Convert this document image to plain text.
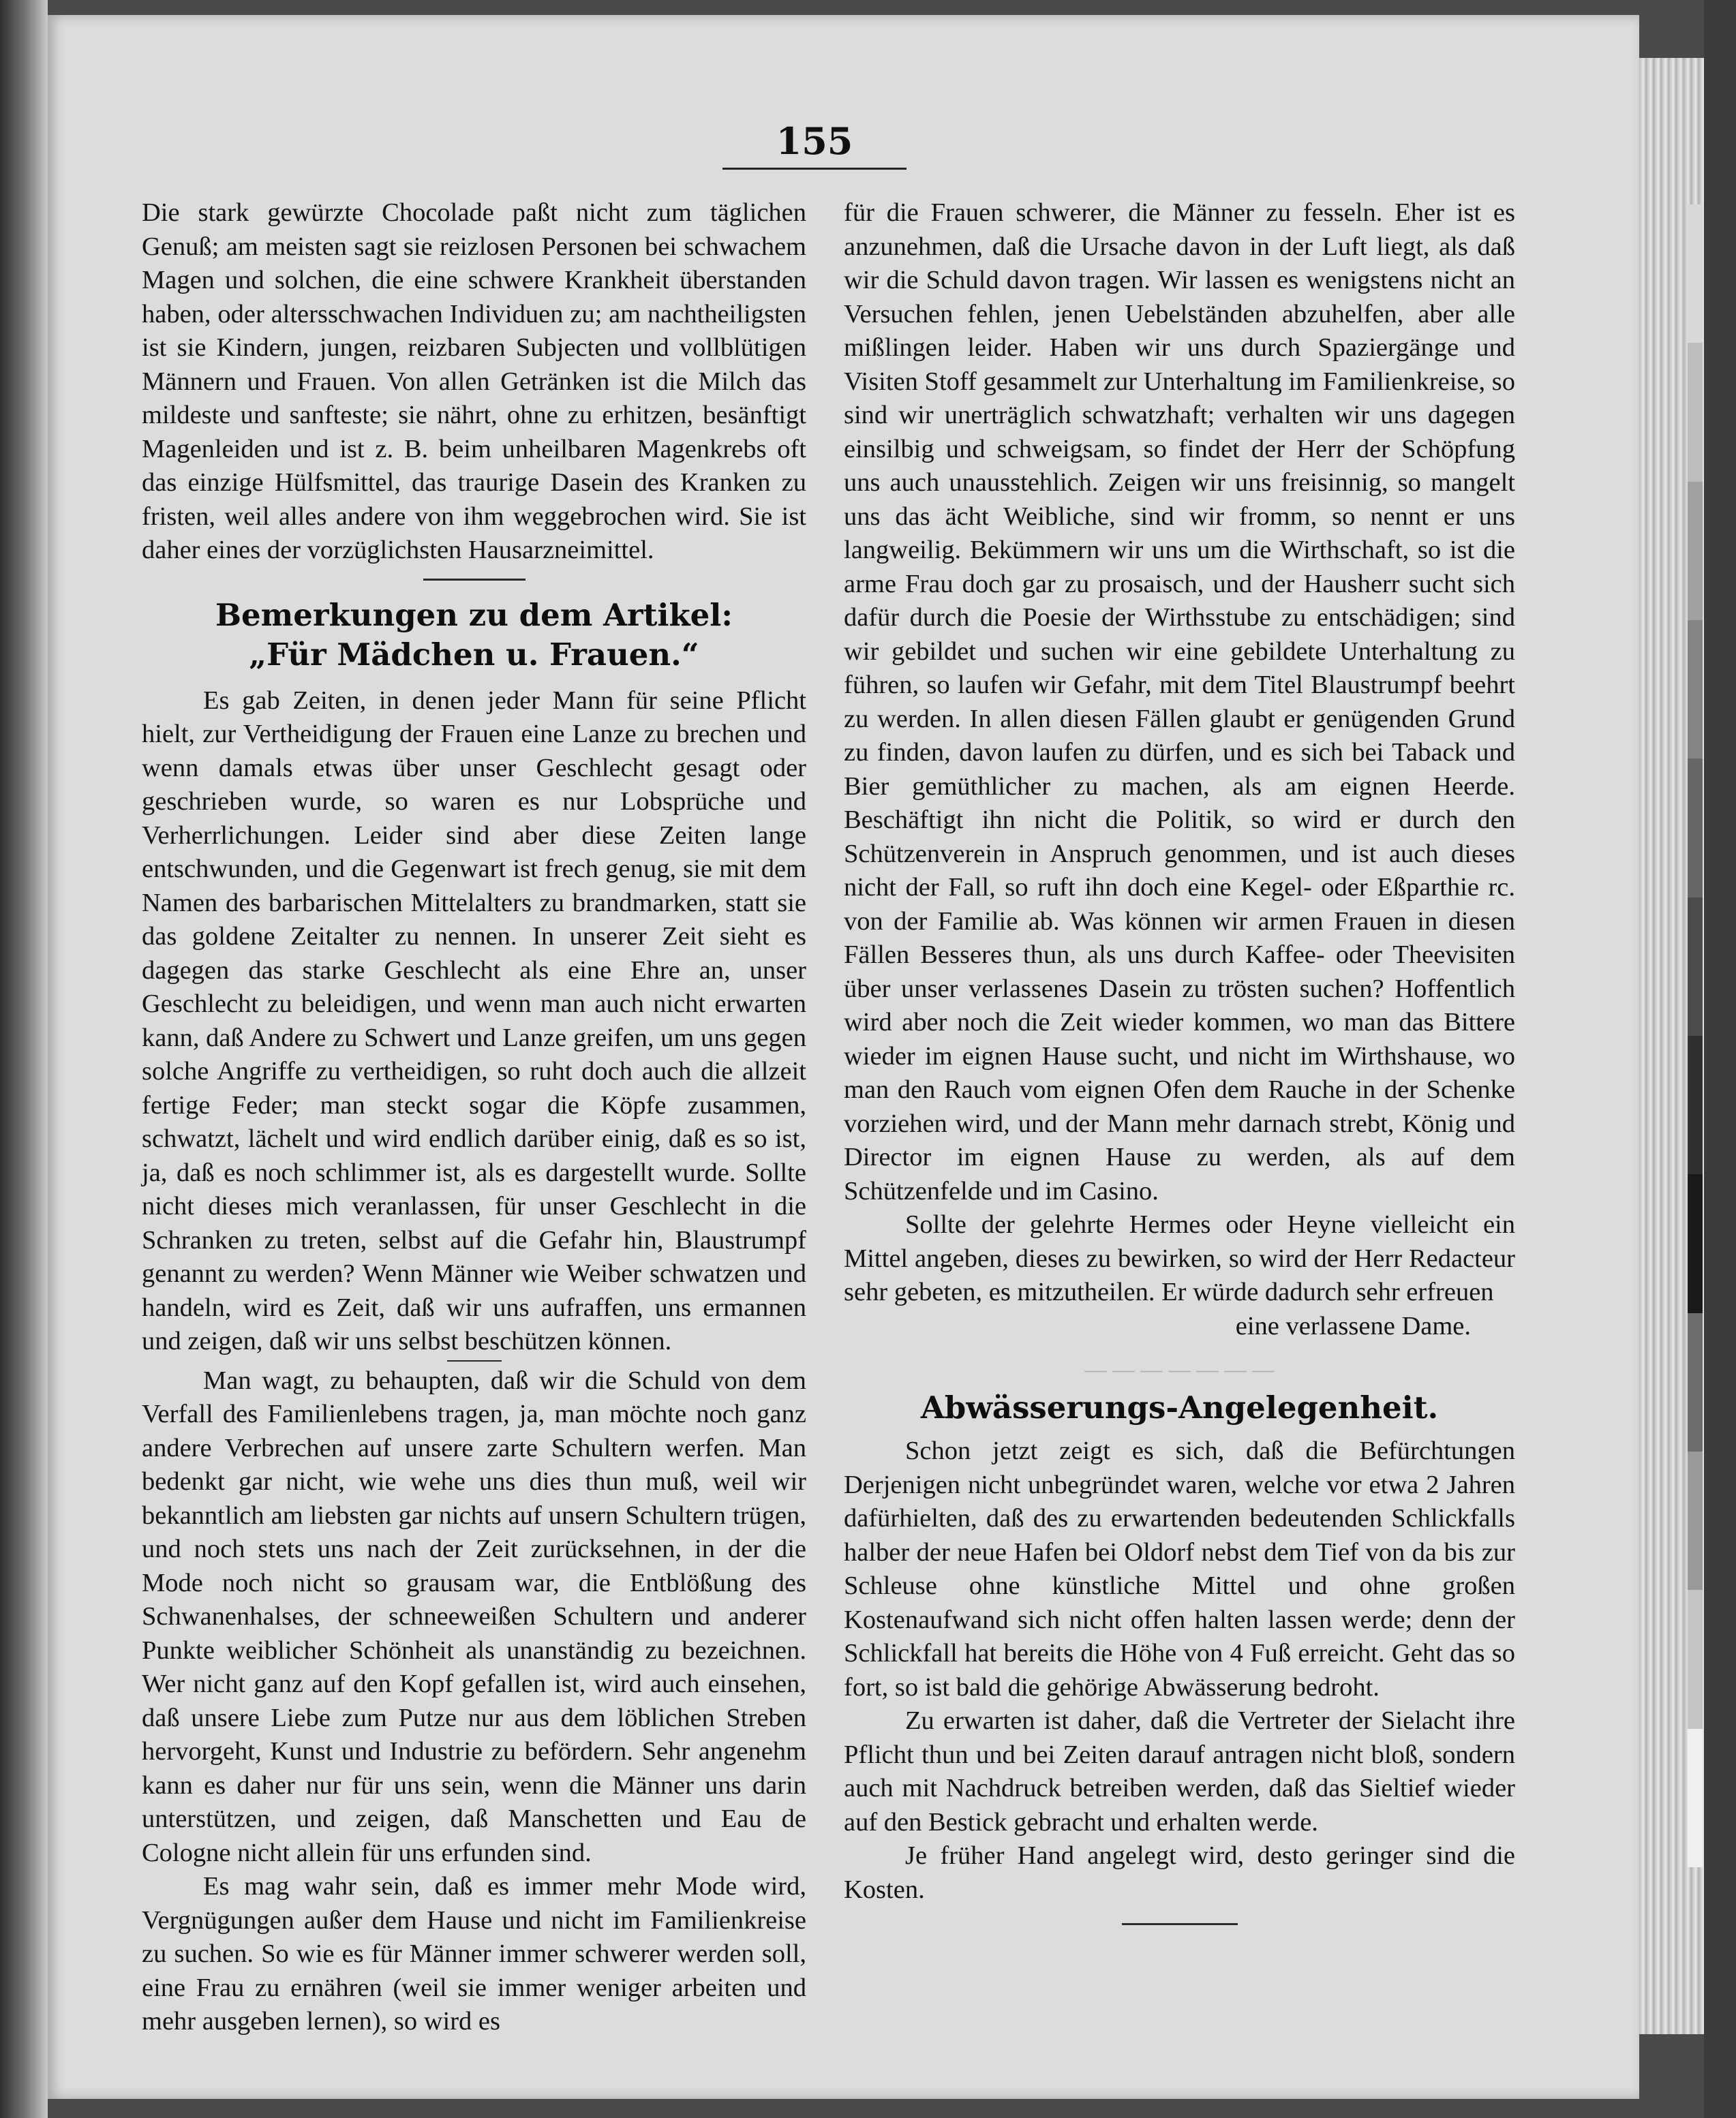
155

Die stark gewürzte Chocolade paßt nicht zum täglichen Genuß; am meisten sagt sie reizlosen Personen bei schwachem Magen und solchen, die eine schwere Krankheit überstanden haben, oder altersschwachen Individuen zu; am nachtheiligsten ist sie Kindern, jungen, reizbaren Subjecten und vollblütigen Männern und Frauen. Von allen Getränken ist die Milch das mildeste und sanfteste; sie nährt, ohne zu erhitzen, besänftigt Magenleiden und ist z. B. beim unheilbaren Magenkrebs oft das einzige Hülfsmittel, das traurige Dasein des Kranken zu fristen, weil alles andere von ihm weggebrochen wird. Sie ist daher eines der vorzüglichsten Hausarzneimittel.

Bemerkungen zu dem Artikel:
„Für Mädchen u. Frauen.“

Es gab Zeiten, in denen jeder Mann für seine Pflicht hielt, zur Vertheidigung der Frauen eine Lanze zu brechen und wenn damals etwas über unser Geschlecht gesagt oder geschrieben wurde, so waren es nur Lobsprüche und Verherrlichungen. Leider sind aber diese Zeiten lange entschwunden, und die Gegenwart ist frech genug, sie mit dem Namen des barbarischen Mittelalters zu brandmarken, statt sie das goldene Zeitalter zu nennen. In unserer Zeit sieht es dagegen das starke Geschlecht als eine Ehre an, unser Geschlecht zu beleidigen, und wenn man auch nicht erwarten kann, daß Andere zu Schwert und Lanze greifen, um uns gegen solche Angriffe zu vertheidigen, so ruht doch auch die allzeit fertige Feder; man steckt sogar die Köpfe zusammen, schwatzt, lächelt und wird endlich darüber einig, daß es so ist, ja, daß es noch schlimmer ist, als es dargestellt wurde. Sollte nicht dieses mich veranlassen, für unser Geschlecht in die Schranken zu treten, selbst auf die Gefahr hin, Blaustrumpf genannt zu werden? Wenn Männer wie Weiber schwatzen und handeln, wird es Zeit, daß wir uns aufraffen, uns ermannen und zeigen, daß wir uns selbst beschützen können.

Man wagt, zu behaupten, daß wir die Schuld von dem Verfall des Familienlebens tragen, ja, man möchte noch ganz andere Verbrechen auf unsere zarte Schultern werfen. Man bedenkt gar nicht, wie wehe uns dies thun muß, weil wir bekanntlich am liebsten gar nichts auf unsern Schultern trügen, und noch stets uns nach der Zeit zurücksehnen, in der die Mode noch nicht so grausam war, die Entblößung des Schwanenhalses, der schneeweißen Schultern und anderer Punkte weiblicher Schönheit als unanständig zu bezeichnen. Wer nicht ganz auf den Kopf gefallen ist, wird auch einsehen, daß unsere Liebe zum Putze nur aus dem löblichen Streben hervorgeht, Kunst und Industrie zu befördern. Sehr angenehm kann es daher nur für uns sein, wenn die Männer uns darin unterstützen, und zeigen, daß Manschetten und Eau de Cologne nicht allein für uns erfunden sind.

Es mag wahr sein, daß es immer mehr Mode wird, Vergnügungen außer dem Hause und nicht im Familienkreise zu suchen. So wie es für Männer immer schwerer werden soll, eine Frau zu ernähren (weil sie immer weniger arbeiten und mehr ausgeben lernen), so wird es

für die Frauen schwerer, die Männer zu fesseln. Eher ist es anzunehmen, daß die Ursache davon in der Luft liegt, als daß wir die Schuld davon tragen. Wir lassen es wenigstens nicht an Versuchen fehlen, jenen Uebelständen abzuhelfen, aber alle mißlingen leider. Haben wir uns durch Spaziergänge und Visiten Stoff gesammelt zur Unterhaltung im Familienkreise, so sind wir unerträglich schwatzhaft; verhalten wir uns dagegen einsilbig und schweigsam, so findet der Herr der Schöpfung uns auch unausstehlich. Zeigen wir uns freisinnig, so mangelt uns das ächt Weibliche, sind wir fromm, so nennt er uns langweilig. Bekümmern wir uns um die Wirthschaft, so ist die arme Frau doch gar zu prosaisch, und der Hausherr sucht sich dafür durch die Poesie der Wirthsstube zu entschädigen; sind wir gebildet und suchen wir eine gebildete Unterhaltung zu führen, so laufen wir Gefahr, mit dem Titel Blaustrumpf beehrt zu werden. In allen diesen Fällen glaubt er genügenden Grund zu finden, davon laufen zu dürfen, und es sich bei Taback und Bier gemüthlicher zu machen, als am eignen Heerde. Beschäftigt ihn nicht die Politik, so wird er durch den Schützenverein in Anspruch genommen, und ist auch dieses nicht der Fall, so ruft ihn doch eine Kegel- oder Eßparthie rc. von der Familie ab. Was können wir armen Frauen in diesen Fällen Besseres thun, als uns durch Kaffee- oder Theevisiten über unser verlassenes Dasein zu trösten suchen? Hoffentlich wird aber noch die Zeit wieder kommen, wo man das Bittere wieder im eignen Hause sucht, und nicht im Wirthshause, wo man den Rauch vom eignen Ofen dem Rauche in der Schenke vorziehen wird, und der Mann mehr darnach strebt, König und Director im eignen Hause zu werden, als auf dem Schützenfelde und im Casino.

Sollte der gelehrte Hermes oder Heyne vielleicht ein Mittel angeben, dieses zu bewirken, so wird der Herr Redacteur sehr gebeten, es mitzutheilen. Er würde dadurch sehr erfreuen

eine verlassene Dame.

— — — — — — —
Abwässerungs-Angelegenheit.

Schon jetzt zeigt es sich, daß die Befürchtungen Derjenigen nicht unbegründet waren, welche vor etwa 2 Jahren dafürhielten, daß des zu erwartenden bedeutenden Schlickfalls halber der neue Hafen bei Oldorf nebst dem Tief von da bis zur Schleuse ohne künstliche Mittel und ohne großen Kostenaufwand sich nicht offen halten lassen werde; denn der Schlickfall hat bereits die Höhe von 4 Fuß erreicht. Geht das so fort, so ist bald die gehörige Abwässerung bedroht.

Zu erwarten ist daher, daß die Vertreter der Sielacht ihre Pflicht thun und bei Zeiten darauf antragen nicht bloß, sondern auch mit Nachdruck betreiben werden, daß das Sieltief wieder auf den Bestick gebracht und erhalten werde.

Je früher Hand angelegt wird, desto geringer sind die Kosten.
